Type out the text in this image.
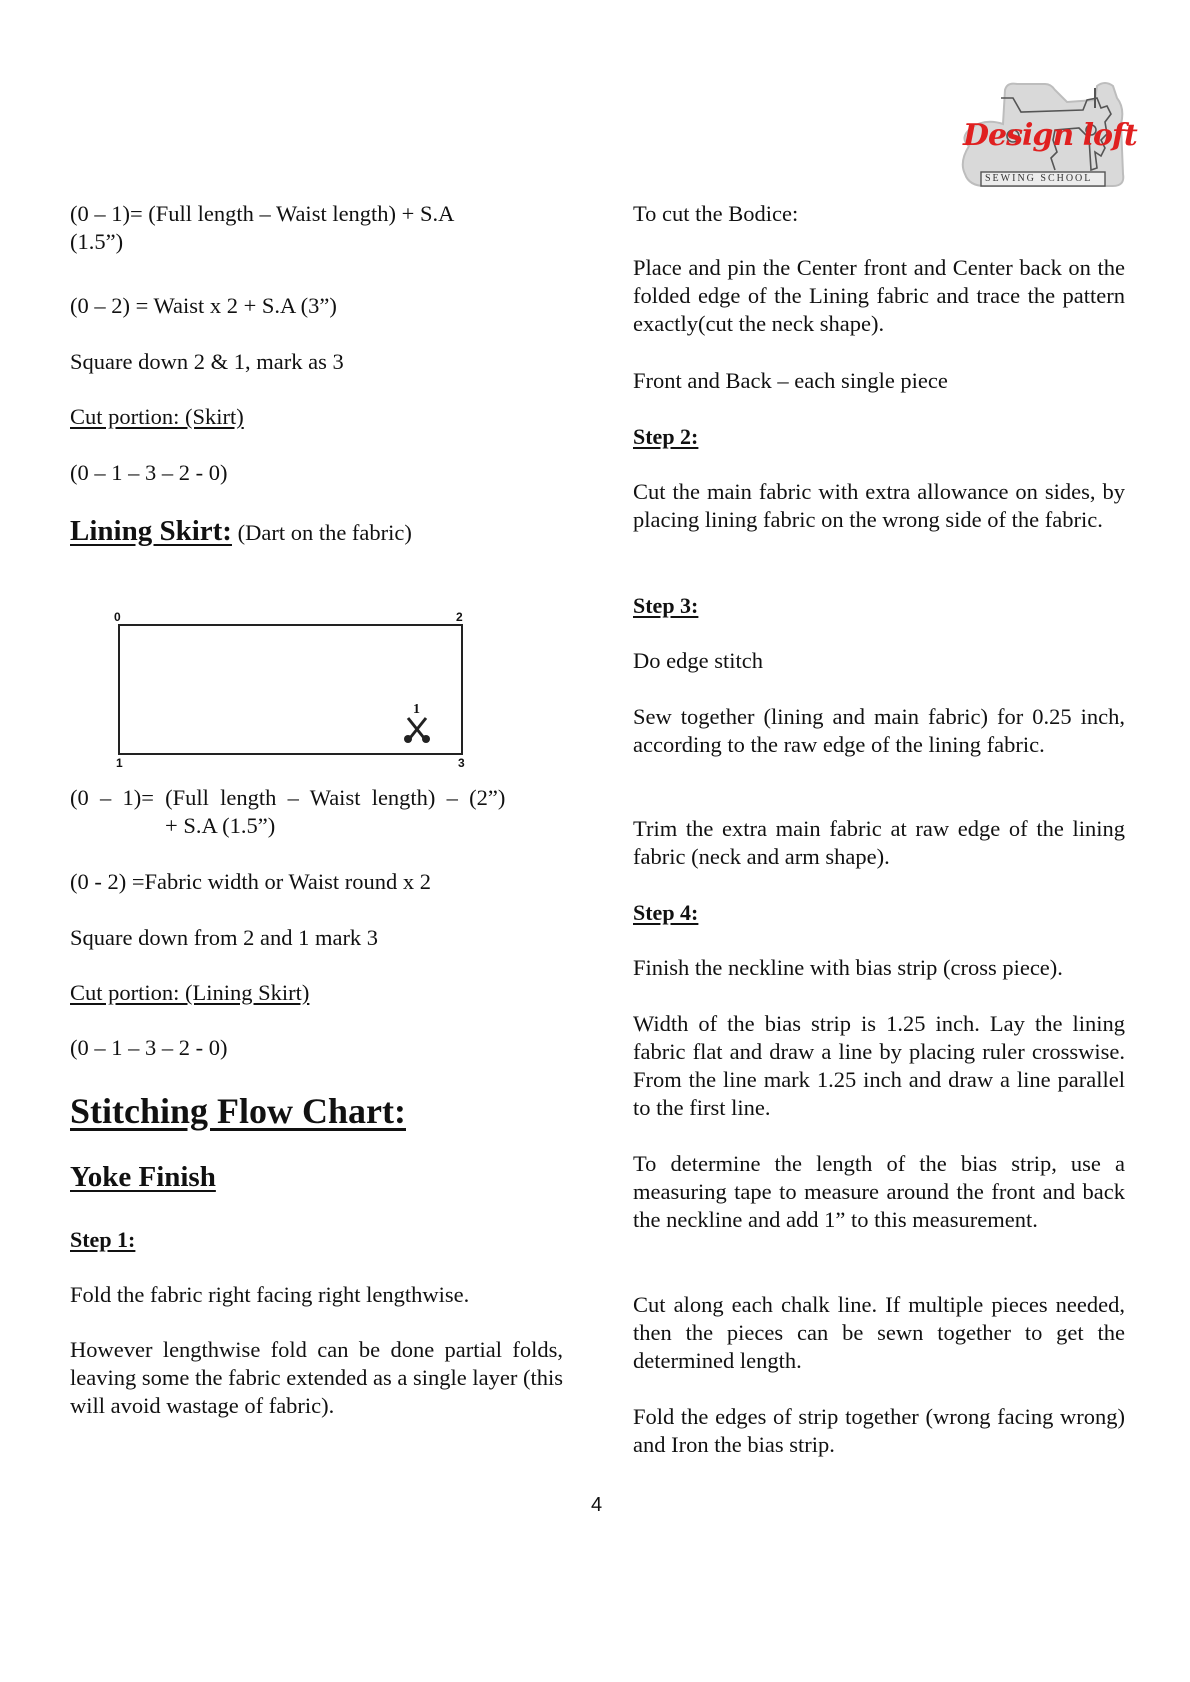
Design loft
SEWING SCHOOL
(0 – 1)= (Full length – Waist length) + S.A
(1.5”)
(0 – 2) = Waist x 2 + S.A (3”)
Square down 2 & 1, mark as 3
Cut portion: (Skirt)
(0 – 1 – 3 – 2 - 0)
Lining Skirt: (Dart on the fabric)
0	2
1	3
1
(0  –  1)=  (Full  length  –  Waist  length)  –  (2”)
+ S.A (1.5”)
(0 - 2) =Fabric width or Waist round x 2
Square down from 2 and 1 mark 3
Cut portion: (Lining Skirt)
(0 – 1 – 3 – 2 - 0)
Stitching Flow Chart:
Yoke Finish
Step 1:
Fold the fabric right facing right lengthwise.
However lengthwise fold can be done partial folds, leaving some the fabric extended as a single layer (this will avoid wastage of fabric).
To cut the Bodice:
Place and pin the Center front and Center back on the folded edge of the Lining fabric and trace the pattern exactly(cut the neck shape).
Front and Back – each single piece
Step 2:
Cut the main fabric with extra allowance on sides, by placing lining fabric on the wrong side of the fabric.
Step 3:
Do edge stitch
Sew together (lining and main fabric) for 0.25 inch, according to the raw edge of the lining fabric.
Trim the extra main fabric at raw edge of the lining fabric (neck and arm shape).
Step 4:
Finish the neckline with bias strip (cross piece).
Width of the bias strip is 1.25 inch. Lay the lining fabric flat and draw a line by placing ruler crosswise. From the line mark 1.25 inch and draw a line parallel to the first line.
To determine the length of the bias strip, use a measuring tape to measure around the front and back the neckline and add 1” to this measurement.
Cut along each chalk line. If multiple pieces needed, then the pieces can be sewn together to get the determined length.
Fold the edges of strip together (wrong facing wrong) and Iron the bias strip.
4
